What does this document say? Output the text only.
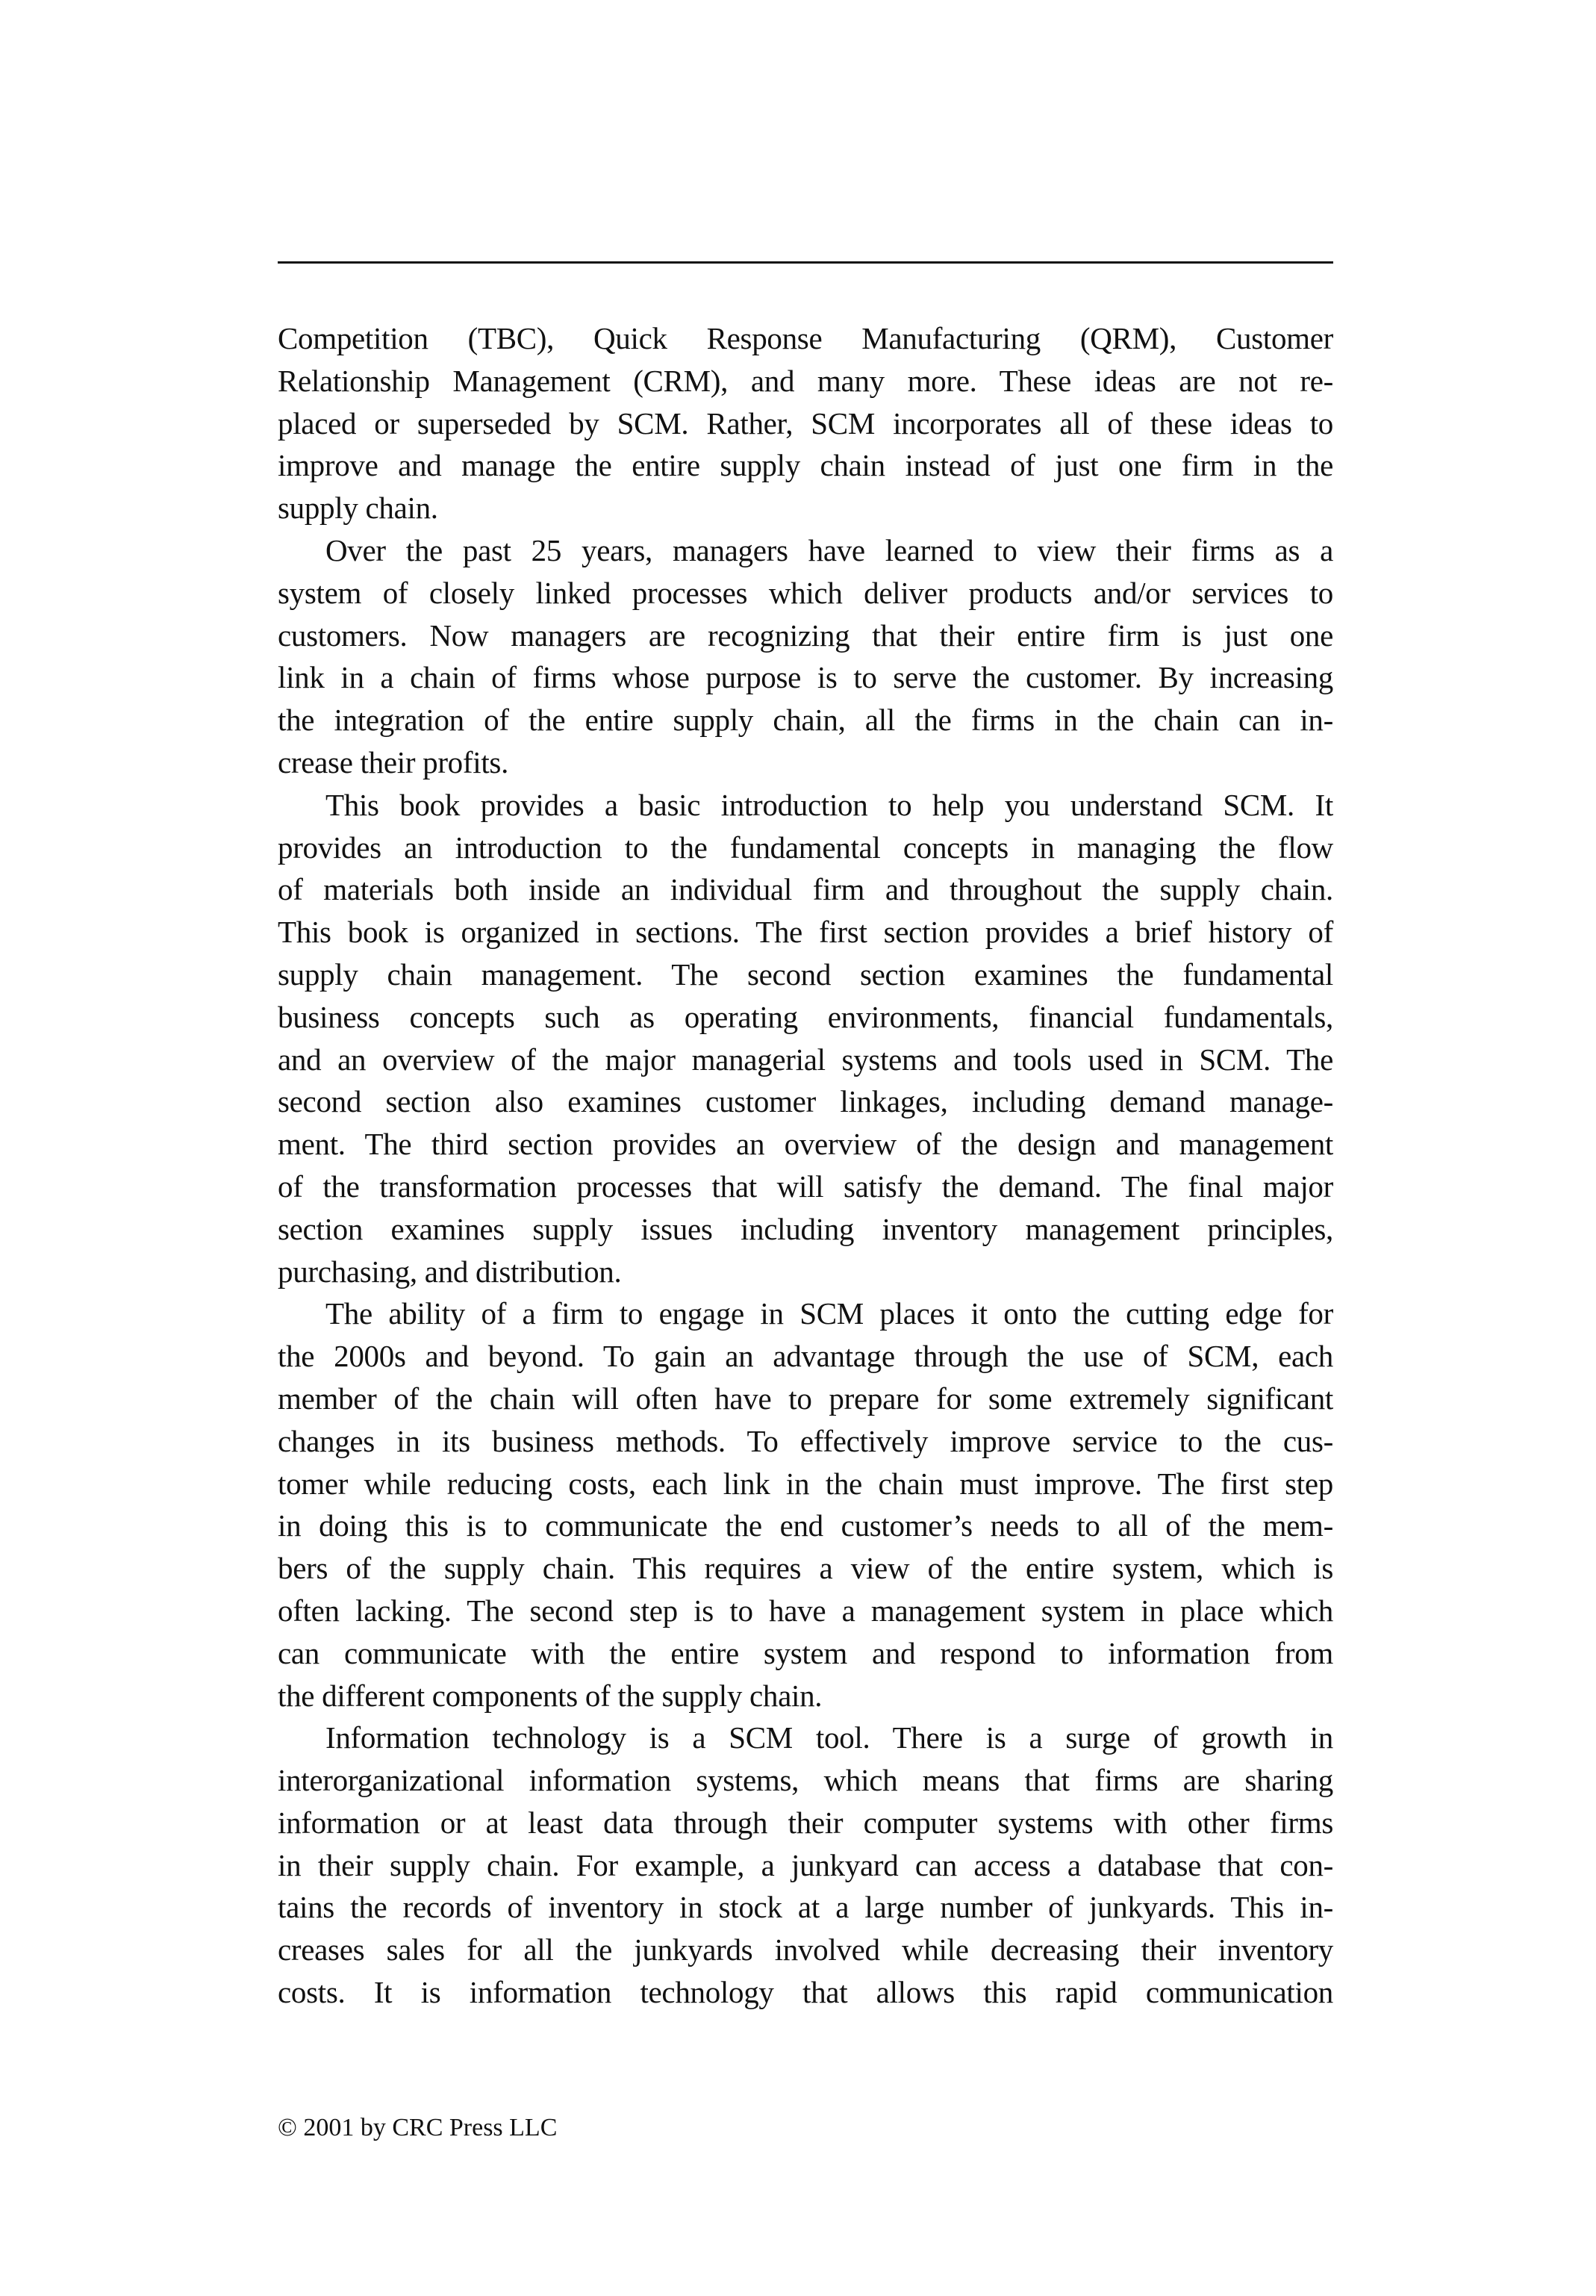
Competition (TBC), Quick Response Manufacturing (QRM), Customer
Relationship Management (CRM), and many more. These ideas are not re-
placed or superseded by SCM. Rather, SCM incorporates all of these ideas to
improve and manage the entire supply chain instead of just one firm in the
supply chain.
Over the past 25 years, managers have learned to view their firms as a
system of closely linked processes which deliver products and/or services to
customers. Now managers are recognizing that their entire firm is just one
link in a chain of firms whose purpose is to serve the customer. By increasing
the integration of the entire supply chain, all the firms in the chain can in-
crease their profits.
This book provides a basic introduction to help you understand SCM. It
provides an introduction to the fundamental concepts in managing the flow
of materials both inside an individual firm and throughout the supply chain.
This book is organized in sections. The first section provides a brief history of
supply chain management. The second section examines the fundamental
business concepts such as operating environments, financial fundamentals,
and an overview of the major managerial systems and tools used in SCM. The
second section also examines customer linkages, including demand manage-
ment. The third section provides an overview of the design and management
of the transformation processes that will satisfy the demand. The final major
section examines supply issues including inventory management principles,
purchasing, and distribution.
The ability of a firm to engage in SCM places it onto the cutting edge for
the 2000s and beyond. To gain an advantage through the use of SCM, each
member of the chain will often have to prepare for some extremely significant
changes in its business methods. To effectively improve service to the cus-
tomer while reducing costs, each link in the chain must improve. The first step
in doing this is to communicate the end customer’s needs to all of the mem-
bers of the supply chain. This requires a view of the entire system, which is
often lacking. The second step is to have a management system in place which
can communicate with the entire system and respond to information from
the different components of the supply chain.
Information technology is a SCM tool. There is a surge of growth in
interorganizational information systems, which means that firms are sharing
information or at least data through their computer systems with other firms
in their supply chain. For example, a junkyard can access a database that con-
tains the records of inventory in stock at a large number of junkyards. This in-
creases sales for all the junkyards involved while decreasing their inventory
costs. It is information technology that allows this rapid communication
© 2001 by CRC Press LLC
